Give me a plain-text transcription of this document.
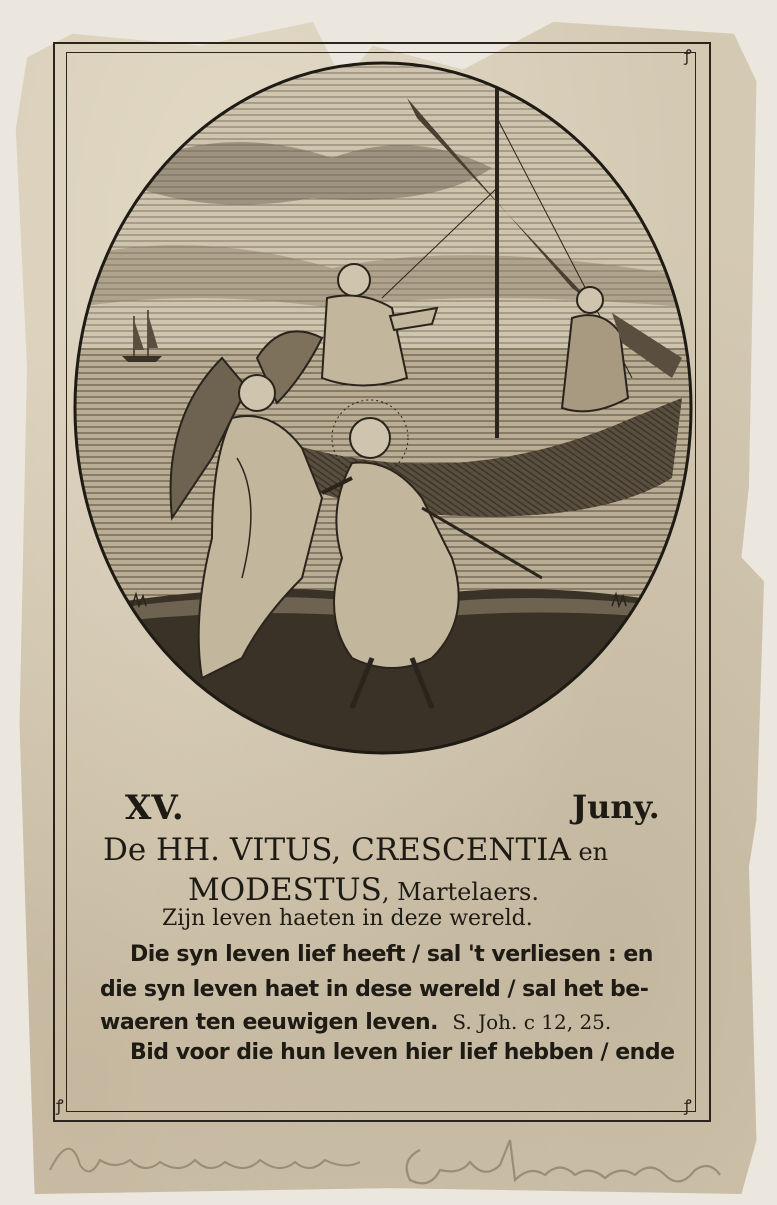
ꝭ
ꝭ	ꝭ
XV.	Juny.
De HH. VITUS, CRESCENTIA en
MODESTUS, Martelaers.
Zijn leven haeten in deze wereld.
Die syn leven lief heeft / sal 't verliesen : en
die syn leven haet in dese wereld / sal het be-
waeren ten eeuwigen leven. S. Joh. c 12, 25.
Bid voor die hun leven hier lief hebben / ende
